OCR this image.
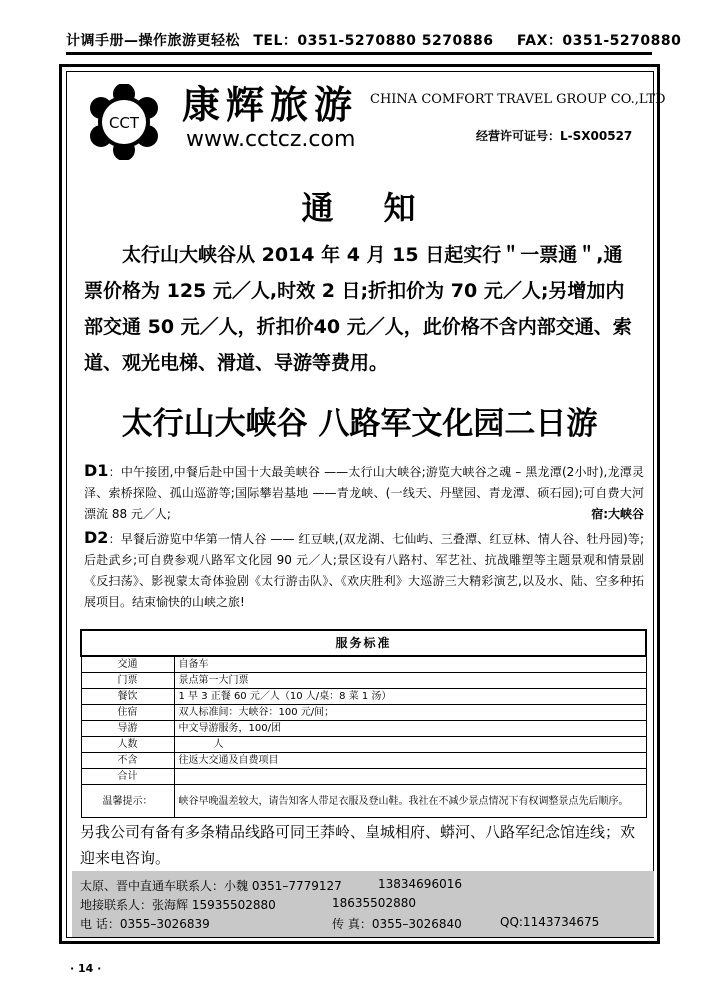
计调手册—操作旅游更轻松 TEL：0351-5270880 5270886 FAX：0351-5270880
CCT 康辉旅游
www.cctcz.com
CHINA COMFORT TRAVEL GROUP CO.,LTD
经营许可证号：L-SX00527
通 知

太行山大峡谷从 2014 年 4 月 15 日起实行＂一票通＂,通票价格为 125 元／人,时效 2 日;折扣价为 70 元／人;另增加内部交通 50 元／人，折扣价40 元／人，此价格不含内部交通、索道、观光电梯、滑道、导游等费用。

太行山大峡谷 八路军文化园二日游

D1：中午接团,中餐后赴中国十大最美峡谷 ——太行山大峡谷;游览大峡谷之魂 – 黑龙潭(2小时),龙潭灵泽、索桥探险、孤山巡游等;国际攀岩基地 ——青龙峡、(一线天、丹壁园、青龙潭、硕石园);可自费大河漂流 88 元／人;	宿:大峡谷

D2：早餐后游览中华第一情人谷 —— 红豆峡,(双龙湖、七仙屿、三叠潭、红豆林、情人谷、牡丹园)等;后赴武乡;可自费参观八路军文化园 90 元／人;景区设有八路村、军艺社、抗战雕塑等主题景观和情景剧《反扫荡》、影视蒙太奇体验剧《太行游击队》、《欢庆胜利》大巡游三大精彩演艺,以及水、陆、空多种拓展项目。结束愉快的山峡之旅!

服务标准	
交通	自备车
门票	景点第一大门票
餐饮	1 早 3 正餐 60 元／人（10 人/桌：8 菜 1 汤）
住宿	双人标准间：大峡谷：100 元/间；
导游	中文导游服务，100/团
人数	人
不含	往返大交通及自费项目
合计	
温馨提示：	峡谷早晚温差较大，请告知客人带足衣服及登山鞋。我社在不减少景点情况下有权调整景点先后顺序。
另我公司有备有多条精品线路可同王莽岭、皇城相府、蟒河、八路军纪念馆连线；欢迎来电咨询。
太原、晋中直通车联系人：小魏 0351–7779127	13834696016
地接联系人：张海辉 15935502880	18635502880
电 话：0355–3026839	传 真：0355–3026840	QQ:1143734675
· 14 ·
